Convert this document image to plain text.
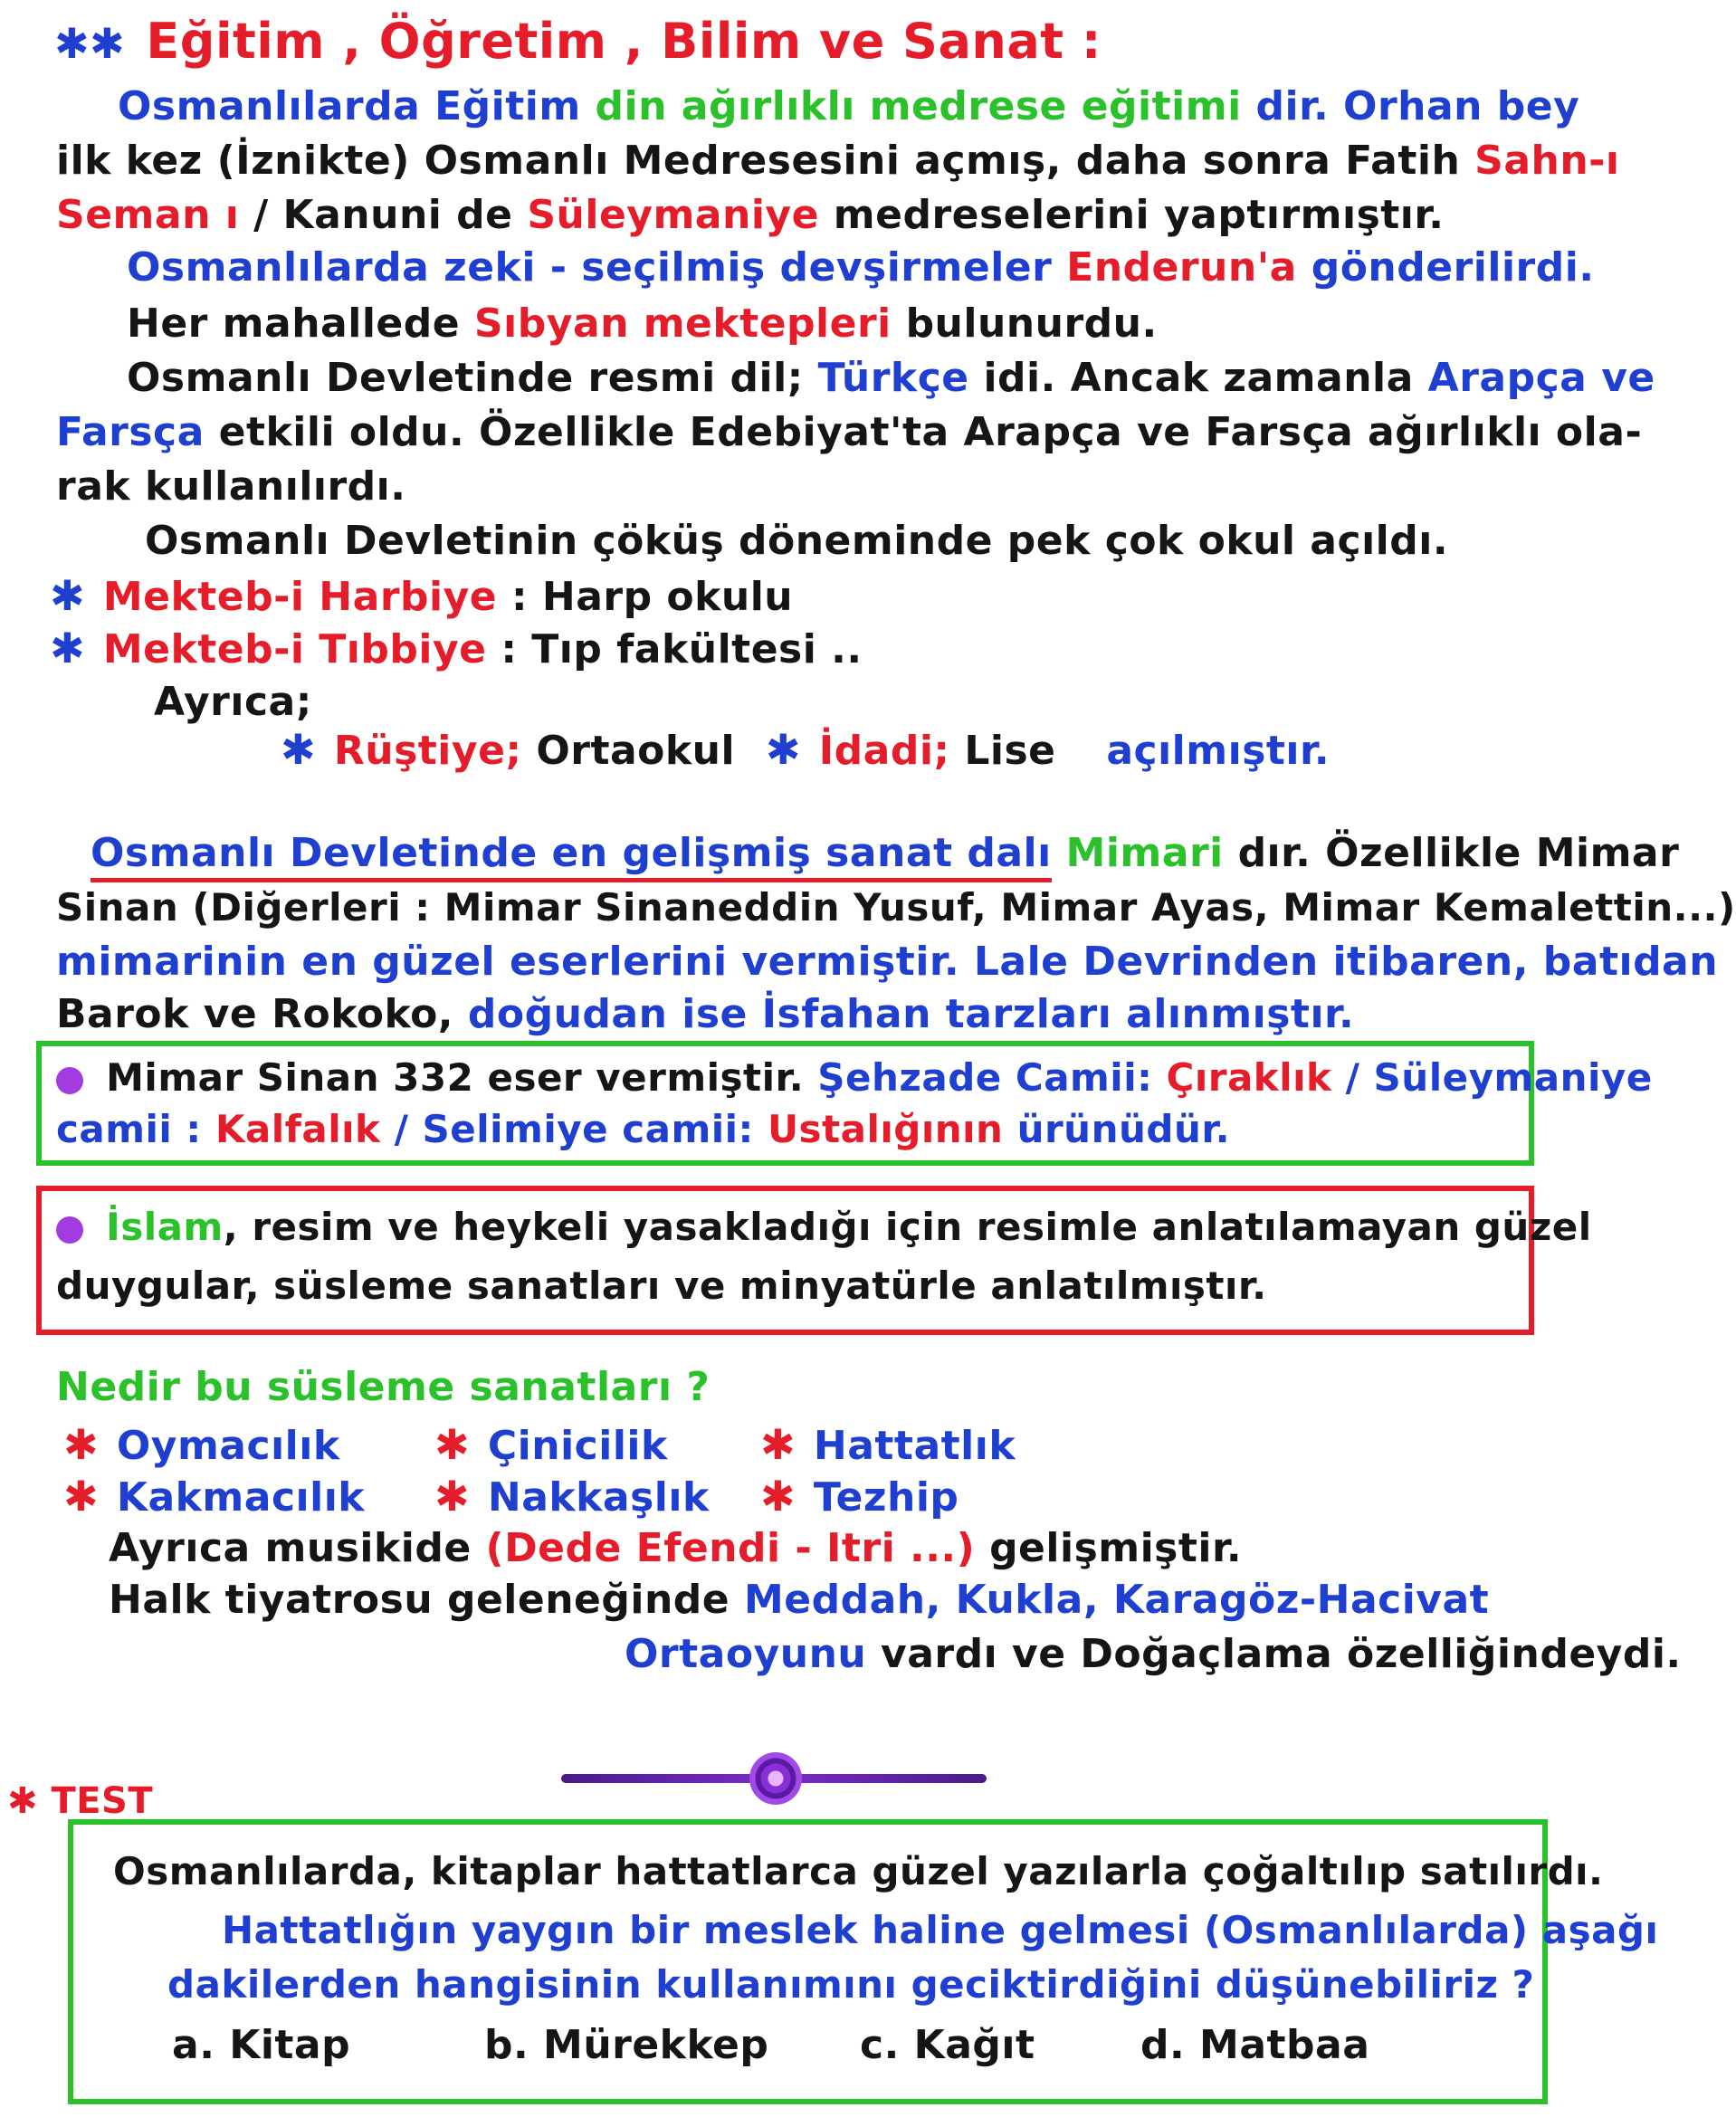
✱✱ Eğitim , Öğretim , Bilim ve Sanat :
Osmanlılarda Eğitim din ağırlıklı medrese eğitimi dir. Orhan bey
ilk kez (İznikte) Osmanlı Medresesini açmış, daha sonra Fatih Sahn-ı
Seman ı / Kanuni de Süleymaniye medreselerini yaptırmıştır.
Osmanlılarda zeki - seçilmiş devşirmeler Enderun'a gönderilirdi.
Her mahallede Sıbyan mektepleri bulunurdu.
Osmanlı Devletinde resmi dil; Türkçe idi. Ancak zamanla Arapça ve
Farsça etkili oldu. Özellikle Edebiyat'ta Arapça ve Farsça ağırlıklı ola-
rak kullanılırdı.
Osmanlı Devletinin çöküş döneminde pek çok okul açıldı.
✱ Mekteb-i Harbiye : Harp okulu
✱ Mekteb-i Tıbbiye : Tıp fakültesi ..
Ayrıca;
✱ Rüştiye; Ortaokul ✱ İdadi; Lise açılmıştır.
Osmanlı Devletinde en gelişmiş sanat dalı Mimari dır. Özellikle Mimar
Sinan (Diğerleri : Mimar Sinaneddin Yusuf, Mimar Ayas, Mimar Kemalettin...)
mimarinin en güzel eserlerini vermiştir. Lale Devrinden itibaren, batıdan
Barok ve Rokoko, doğudan ise İsfahan tarzları alınmıştır.
Mimar Sinan 332 eser vermiştir. Şehzade Camii: Çıraklık / Süleymaniye
camii : Kalfalık / Selimiye camii: Ustalığının ürünüdür.
İslam, resim ve heykeli yasakladığı için resimle anlatılamayan güzel
duygular, süsleme sanatları ve minyatürle anlatılmıştır.
Nedir bu süsleme sanatları ?
✱ Oymacılık ✱ Çinicilik ✱ Hattatlık
✱ Kakmacılık ✱ Nakkaşlık ✱ Tezhip
Ayrıca musikide (Dede Efendi - Itri ...) gelişmiştir.
Halk tiyatrosu geleneğinde Meddah, Kukla, Karagöz-Hacivat
Ortaoyunu vardı ve Doğaçlama özelliğindeydi.
✱ TEST
Osmanlılarda, kitaplar hattatlarca güzel yazılarla çoğaltılıp satılırdı.
Hattatlığın yaygın bir meslek haline gelmesi (Osmanlılarda) aşağı
dakilerden hangisinin kullanımını geciktirdiğini düşünebiliriz ?
a. Kitap	b. Mürekkep c. Kağıt	d. Matbaa
